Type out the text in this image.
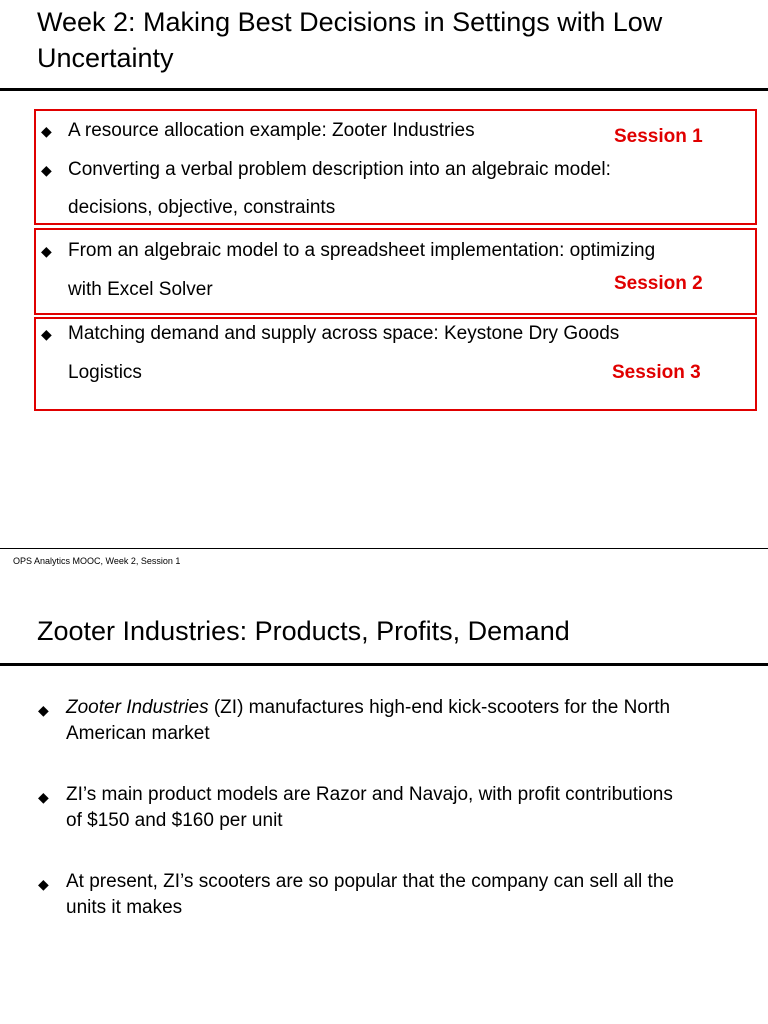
Week 2: Making Best Decisions in Settings with Low
Uncertainty
◆ A resource allocation example: Zooter Industries
◆ Converting a verbal problem description into an algebraic model:
decisions, objective, constraints
◆ From an algebraic model to a spreadsheet implementation: optimizing
with Excel Solver
◆ Matching demand and supply across space: Keystone Dry Goods
Logistics
Session 1
Session 2
Session 3
OPS Analytics MOOC, Week 2, Session 1
Zooter Industries: Products, Profits, Demand
◆ Zooter Industries (ZI) manufactures high-end kick-scooters for the North
American market
◆ ZI’s main product models are Razor and Navajo, with profit contributions
of $150 and $160 per unit
◆ At present, ZI’s scooters are so popular that the company can sell all the
units it makes
